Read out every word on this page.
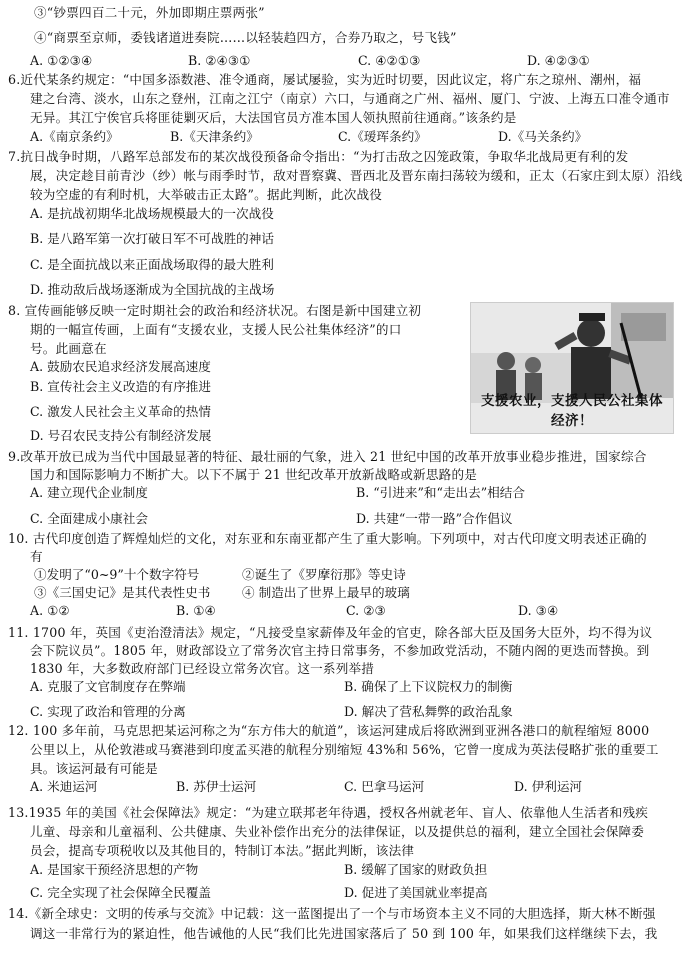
③“钞票四百二十元，外加即期庄票两张”
④“商票至京师，委钱诸道进奏院……以轻装趋四方，合券乃取之，号飞钱”
A. ①②③④	B. ②④③①	C. ④②①③	D. ④②③①
6.近代某条约规定：“中国多添数港、准令通商，屡试屡验，实为近时切要，因此议定，将广东之琼州、潮州，福
建之台湾、淡水，山东之登州，江南之江宁（南京）六口，与通商之广州、福州、厦门、宁波、上海五口准令通市
无异。其江宁俟官兵将匪徒剿灭后，大法国官员方准本国人领执照前往通商。”该条约是
A.《南京条约》	B.《天津条约》	C.《瑷珲条约》	D.《马关条约》
7.抗日战争时期，八路军总部发布的某次战役预备命令指出：“为打击敌之囚笼政策，争取华北战局更有利的发
展，决定趁目前青沙（纱）帐与雨季时节，敌对晋察冀、晋西北及晋东南扫荡较为缓和，正太（石家庄到太原）沿线
较为空虚的有利时机，大举破击正太路”。据此判断，此次战役
A. 是抗战初期华北战场规模最大的一次战役
B. 是八路军第一次打破日军不可战胜的神话
C. 是全面抗战以来正面战场取得的最大胜利
D. 推动敌后战场逐渐成为全国抗战的主战场
8. 宣传画能够反映一定时期社会的政治和经济状况。右图是新中国建立初
期的一幅宣传画，上面有“支援农业，支援人民公社集体经济”的口
号。此画意在
A. 鼓励农民追求经济发展高速度
B. 宣传社会主义改造的有序推进
C. 激发人民社会主义革命的热情
D. 号召农民支持公有制经济发展
支援农业，支援人民公社集体经济！
9.改革开放已成为当代中国最显著的特征、最壮丽的气象，进入 21 世纪中国的改革开放事业稳步推进，国家综合
国力和国际影响力不断扩大。以下不属于 21 世纪改革开放新战略或新思路的是
A. 建立现代企业制度	B. “引进来”和“走出去”相结合
C. 全面建成小康社会	D. 共建“一带一路”合作倡议
10. 古代印度创造了辉煌灿烂的文化，对东亚和东南亚都产生了重大影响。下列项中，对古代印度文明表述正确的
有
①发明了“0~9”十个数字符号	②诞生了《罗摩衍那》等史诗
③《三国史记》是其代表性史书	④ 制造出了世界上最早的玻璃
A. ①②	B. ①④	C. ②③	D. ③④
11. 1700 年，英国《吏治澄清法》规定，“凡接受皇家薪俸及年金的官吏，除各部大臣及国务大臣外，均不得为议
会下院议员”。1805 年，财政部设立了常务次官主持日常事务，不参加政党活动，不随内阁的更迭而替换。到
1830 年，大多数政府部门已经设立常务次官。这一系列举措
A. 克服了文官制度存在弊端	B. 确保了上下议院权力的制衡
C. 实现了政治和管理的分离	D. 解决了营私舞弊的政治乱象
12. 100 多年前，马克思把某运河称之为“东方伟大的航道”，该运河建成后将欧洲到亚洲各港口的航程缩短 8000
公里以上，从伦敦港或马赛港到印度孟买港的航程分别缩短 43%和 56%，它曾一度成为英法侵略扩张的重要工
具。该运河最有可能是
A. 米迪运河	B. 苏伊士运河	C. 巴拿马运河	D. 伊利运河
13.1935 年的美国《社会保障法》规定：“为建立联邦老年待遇，授权各州就老年、盲人、依靠他人生活者和残疾
儿童、母亲和儿童福利、公共健康、失业补偿作出充分的法律保证，以及提供总的福利，建立全国社会保障委
员会，提高专项税收以及其他目的，特制订本法。”据此判断，该法律
A. 是国家干预经济思想的产物	B. 缓解了国家的财政负担
C. 完全实现了社会保障全民覆盖	D. 促进了美国就业率提高
14.《新全球史：文明的传承与交流》中记载：这一蓝图提出了一个与市场资本主义不同的大胆选择，斯大林不断强
调这一非常行为的紧迫性，他告诫他的人民“我们比先进国家落后了 50 到 100 年，如果我们这样继续下去，我
